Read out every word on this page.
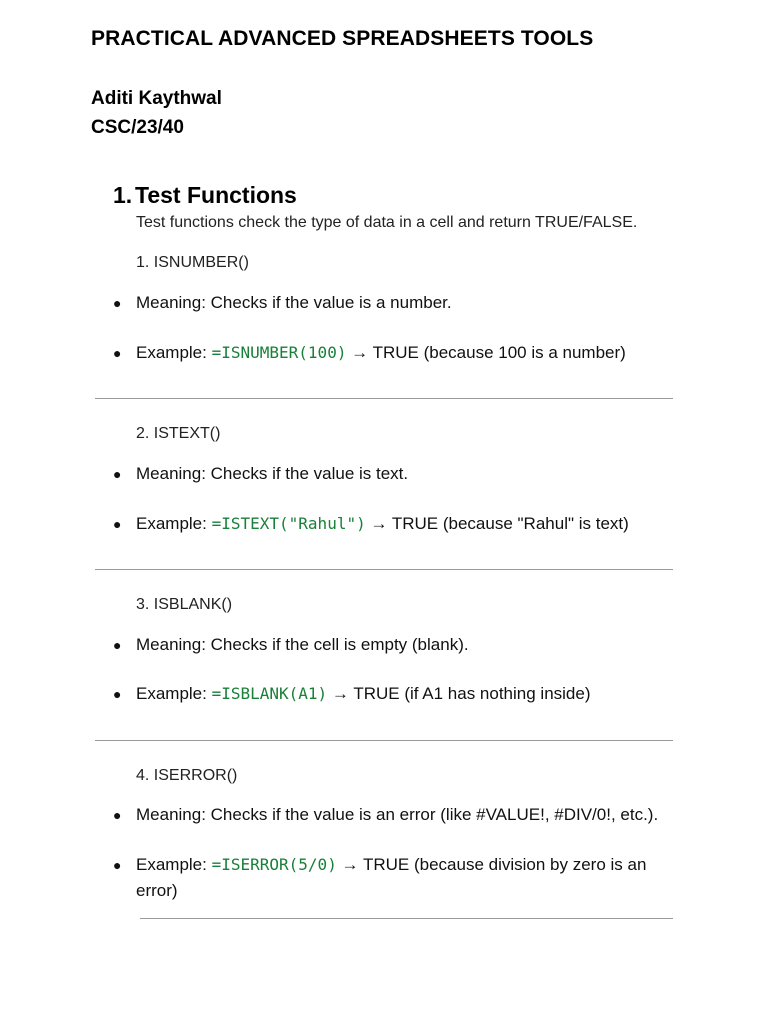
PRACTICAL ADVANCED SPREADSHEETS TOOLS
Aditi Kaythwal
CSC/23/40
1. Test Functions
Test functions check the type of data in a cell and return TRUE/FALSE.
1. ISNUMBER()
● Meaning: Checks if the value is a number.
● Example: =ISNUMBER(100) → TRUE (because 100 is a number)
2. ISTEXT()
● Meaning: Checks if the value is text.
● Example: =ISTEXT("Rahul") → TRUE (because "Rahul" is text)
3. ISBLANK()
● Meaning: Checks if the cell is empty (blank).
● Example: =ISBLANK(A1) → TRUE (if A1 has nothing inside)
4. ISERROR()
● Meaning: Checks if the value is an error (like #VALUE!, #DIV/0!, etc.).
● Example: =ISERROR(5/0) → TRUE (because division by zero is an error)
